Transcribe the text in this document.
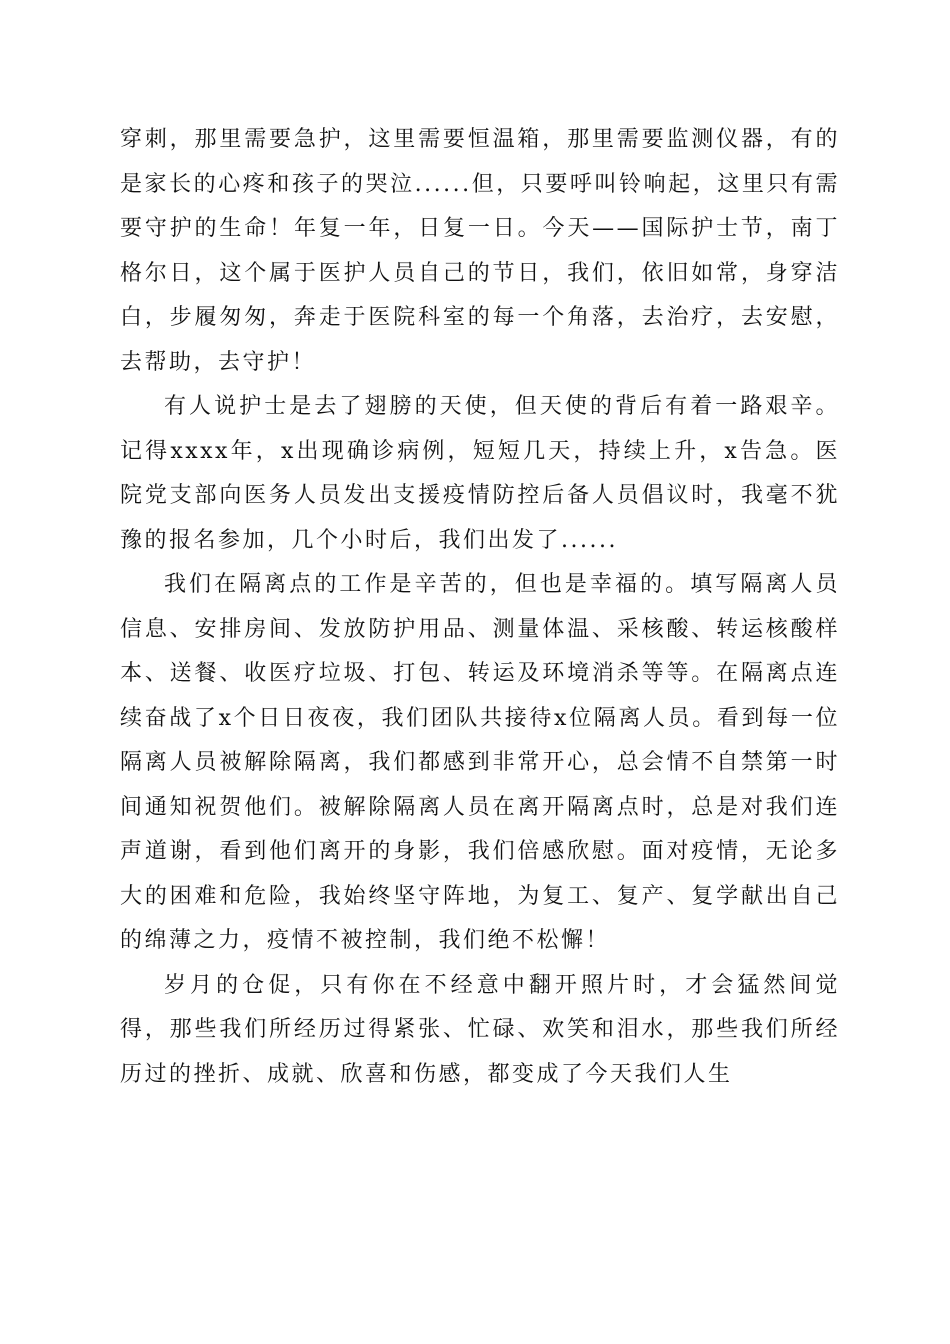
穿刺，那里需要急护，这里需要恒温箱，那里需要监测仪器，有的是家长的心疼和孩子的哭泣......但，只要呼叫铃响起，这里只有需要守护的生命！年复一年，日复一日。今天——国际护士节，南丁格尔日，这个属于医护人员自己的节日，我们，依旧如常，身穿洁白，步履匆匆，奔走于医院科室的每一个角落，去治疗，去安慰，去帮助，去守护！

有人说护士是去了翅膀的天使，但天使的背后有着一路艰辛。记得xxxx年，x出现确诊病例，短短几天，持续上升，x告急。医院党支部向医务人员发出支援疫情防控后备人员倡议时，我毫不犹豫的报名参加，几个小时后，我们出发了......

我们在隔离点的工作是辛苦的，但也是幸福的。填写隔离人员信息、安排房间、发放防护用品、测量体温、采核酸、转运核酸样本、送餐、收医疗垃圾、打包、转运及环境消杀等等。在隔离点连续奋战了x个日日夜夜，我们团队共接待x位隔离人员。看到每一位隔离人员被解除隔离，我们都感到非常开心，总会情不自禁第一时间通知祝贺他们。被解除隔离人员在离开隔离点时，总是对我们连声道谢，看到他们离开的身影，我们倍感欣慰。面对疫情，无论多大的困难和危险，我始终坚守阵地，为复工、复产、复学献出自己的绵薄之力，疫情不被控制，我们绝不松懈！

岁月的仓促，只有你在不经意中翻开照片时，才会猛然间觉得，那些我们所经历过得紧张、忙碌、欢笑和泪水，那些我们所经历过的挫折、成就、欣喜和伤感，都变成了今天我们人生
